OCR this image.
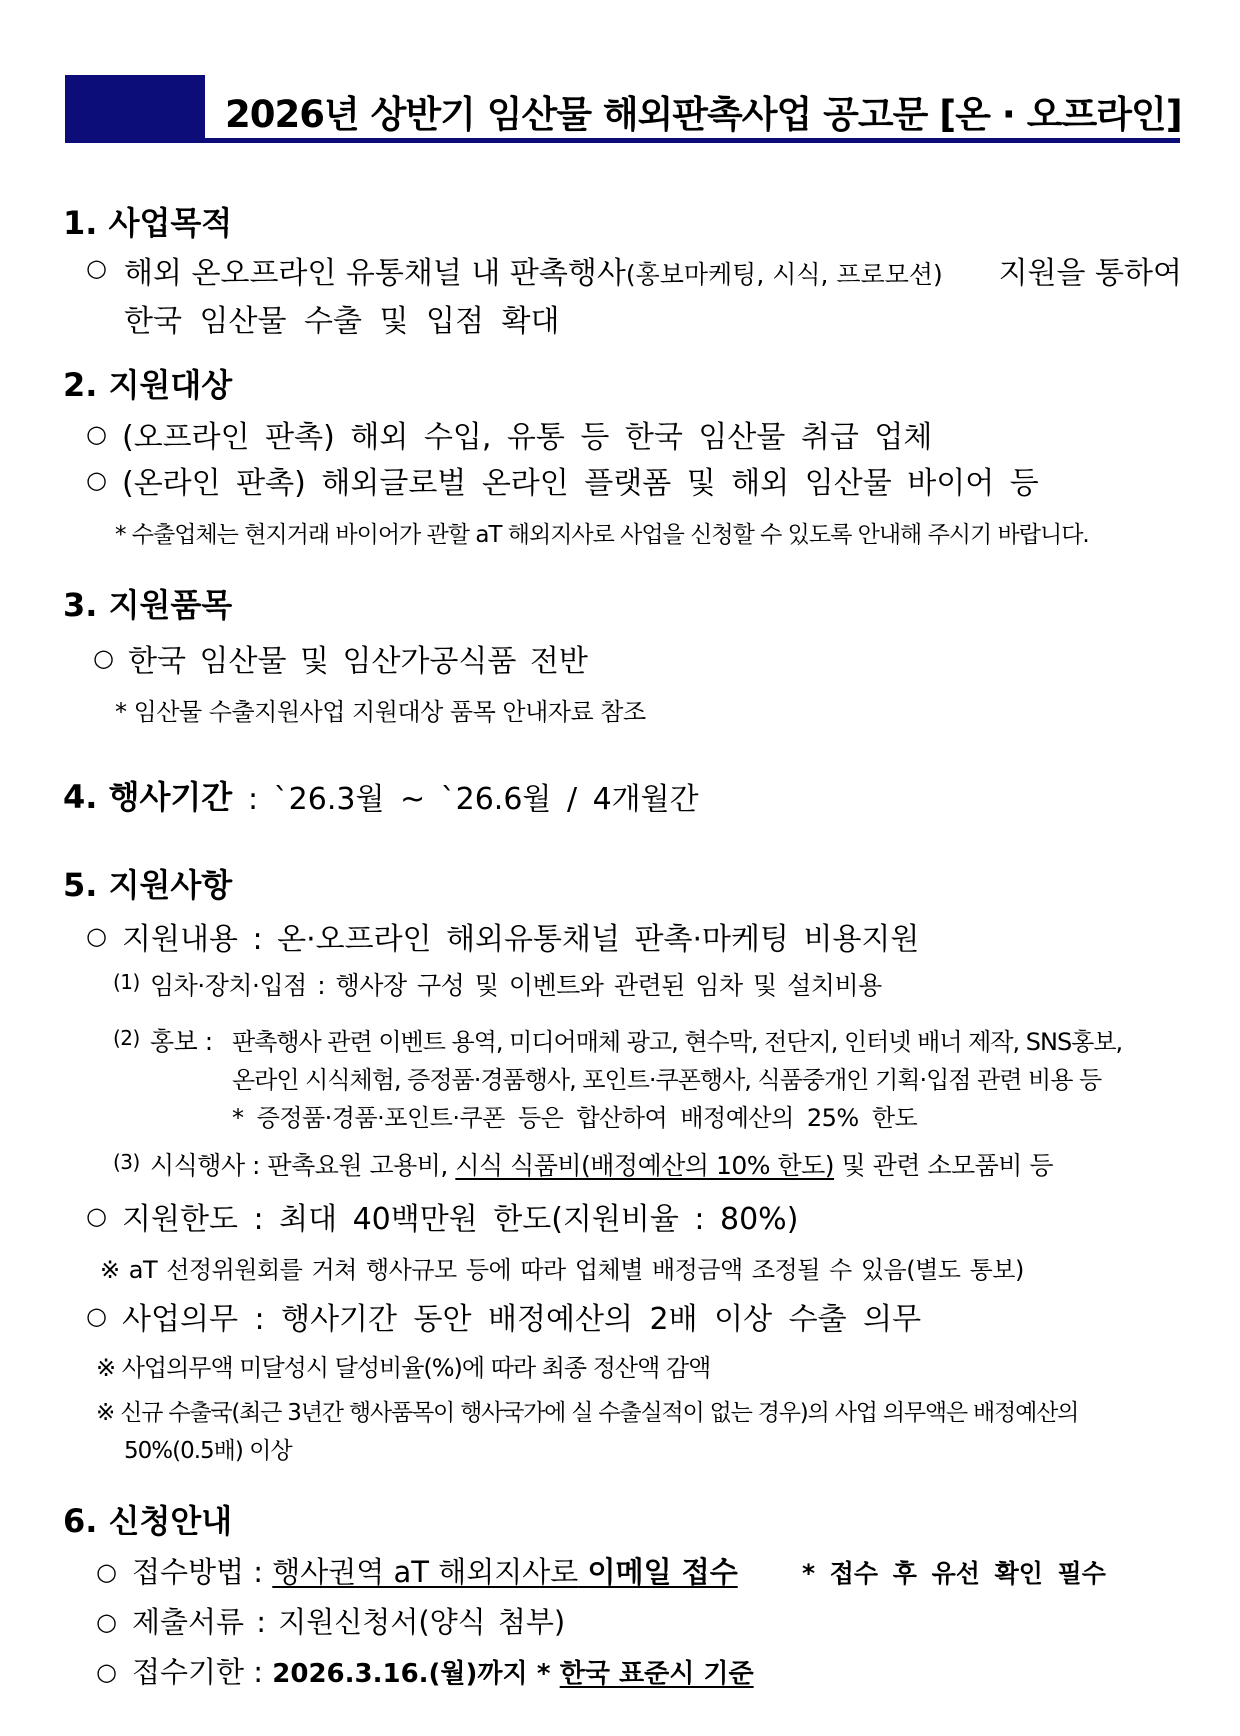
2026년 상반기 임산물 해외판촉사업 공고문 [온 · 오프라인]
1. 사업목적
○ 해외 온오프라인 유통채널 내 판촉행사(홍보마케팅, 시식, 프로모션) 지원을 통하여
한국 임산물 수출 및 입점 확대
2. 지원대상
○ (오프라인 판촉) 해외 수입, 유통 등 한국 임산물 취급 업체
○ (온라인 판촉) 해외글로벌 온라인 플랫폼 및 해외 임산물 바이어 등
* 수출업체는 현지거래 바이어가 관할 aT 해외지사로 사업을 신청할 수 있도록 안내해 주시기 바랍니다.
3. 지원품목
○ 한국 임산물 및 임산가공식품 전반
* 임산물 수출지원사업 지원대상 품목 안내자료 참조
4. 행사기간 : `26.3월 ~ `26.6월 / 4개월간
5. 지원사항
○ 지원내용 : 온·오프라인 해외유통채널 판촉·마케팅 비용지원
(1) 임차·장치·입점 : 행사장 구성 및 이벤트와 관련된 임차 및 설치비용
(2) 홍보 : 판촉행사 관련 이벤트 용역, 미디어매체 광고, 현수막, 전단지, 인터넷 배너 제작, SNS홍보,
온라인 시식체험, 증정품·경품행사, 포인트·쿠폰행사, 식품중개인 기획·입점 관련 비용 등
* 증정품·경품·포인트·쿠폰 등은 합산하여 배정예산의 25% 한도
(3) 시식행사 : 판촉요원 고용비, 시식 식품비(배정예산의 10% 한도) 및 관련 소모품비 등
○ 지원한도 : 최대 40백만원 한도(지원비율 : 80%)
※ aT 선정위원회를 거쳐 행사규모 등에 따라 업체별 배정금액 조정될 수 있음(별도 통보)
○ 사업의무 : 행사기간 동안 배정예산의 2배 이상 수출 의무
※ 사업의무액 미달성시 달성비율(%)에 따라 최종 정산액 감액
※ 신규 수출국(최근 3년간 행사품목이 행사국가에 실 수출실적이 없는 경우)의 사업 의무액은 배정예산의
50%(0.5배) 이상
6. 신청안내
○ 접수방법 : 행사권역 aT 해외지사로 이메일 접수	* 접수 후 유선 확인 필수
○ 제출서류 : 지원신청서(양식 첨부)
○ 접수기한 : 2026.3.16.(월)까지 * 한국 표준시 기준
